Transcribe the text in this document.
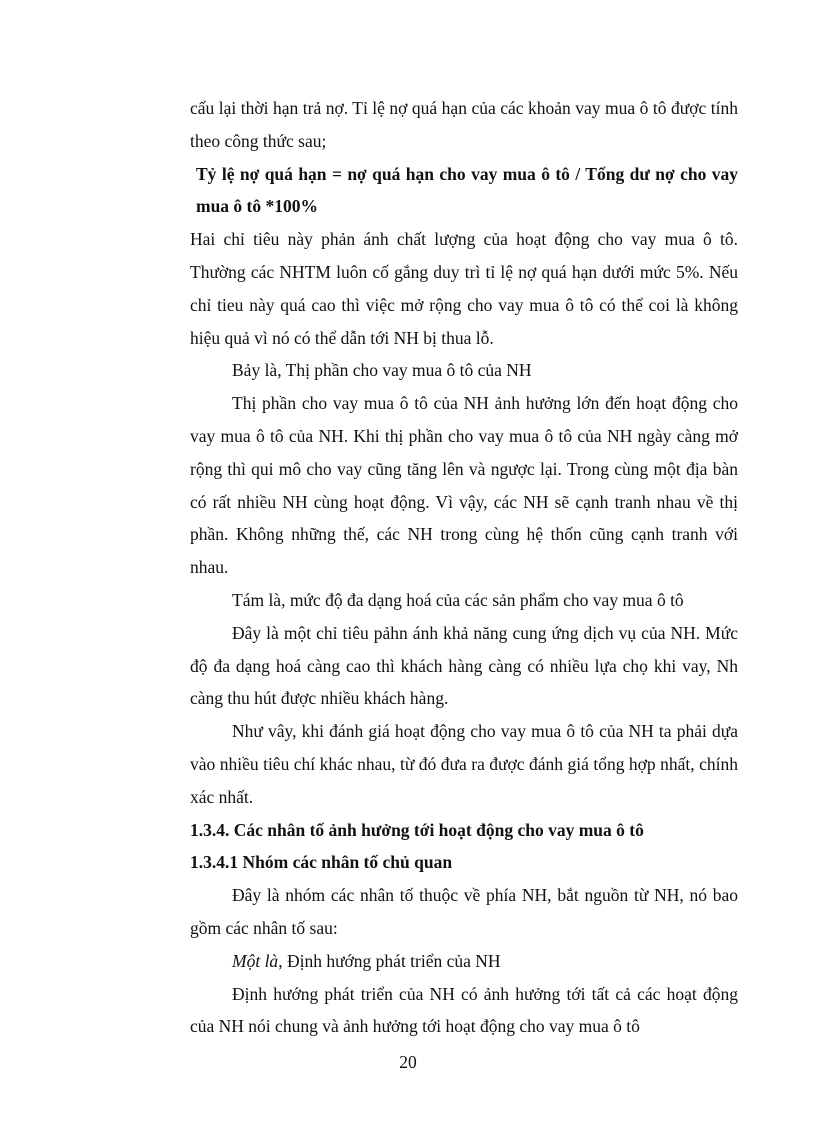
cấu lại thời hạn trả nợ. Tỉ lệ nợ quá hạn của các khoản vay mua ô tô được tính theo công thức sau;

Tỷ lệ nợ quá hạn = nợ quá hạn cho vay mua ô tô / Tổng dư nợ cho vay mua ô tô *100%

Hai chỉ tiêu này phản ánh chất lượng của hoạt động cho vay mua ô tô. Thường các NHTM luôn cố gắng duy trì tỉ lệ nợ quá hạn dưới mức 5%. Nếu chỉ tieu này quá cao thì việc mở rộng cho vay mua ô tô có thể coi là không hiệu quả vì nó có thể dẫn tới NH bị thua lỗ.

Bảy là, Thị phần cho vay mua ô tô của NH

Thị phần cho vay mua ô tô của NH ảnh hưởng lớn đến hoạt động cho vay mua ô tô của NH. Khi thị phần cho vay mua ô tô của NH ngày càng mở rộng thì qui mô cho vay cũng tăng lên và ngược lại. Trong cùng một địa bàn có rất nhiều NH cùng hoạt động. Vì vậy, các NH sẽ cạnh tranh nhau về thị phần. Không những thế, các NH trong cùng hệ thốn cũng cạnh tranh với nhau.

Tám là, mức độ đa dạng hoá của các sản phẩm cho vay mua ô tô

Đây là một chỉ tiêu pảhn ánh khả năng cung ứng dịch vụ của NH. Mức độ đa dạng hoá càng cao thì khách hàng càng có nhiều lựa chọ khi vay, Nh càng thu hút được nhiều khách hàng.

Như vây, khi đánh giá hoạt động cho vay mua ô tô của NH ta phải dựa vào nhiều tiêu chí khác nhau, từ đó đưa ra được đánh giá tổng hợp nhất, chính xác nhất.

1.3.4. Các nhân tố ảnh hưởng tới hoạt động cho vay mua ô tô

1.3.4.1 Nhóm các nhân tố chủ quan

Đây là nhóm các nhân tố thuộc về phía NH, bắt nguồn từ NH, nó bao gồm các nhân tố sau:

Một là, Định hướng phát triển của NH

Định hướng phát triển của NH có ảnh hưởng tới tất cả các hoạt động của NH nói chung và ảnh hưởng tới hoạt động cho vay mua ô tô

20
